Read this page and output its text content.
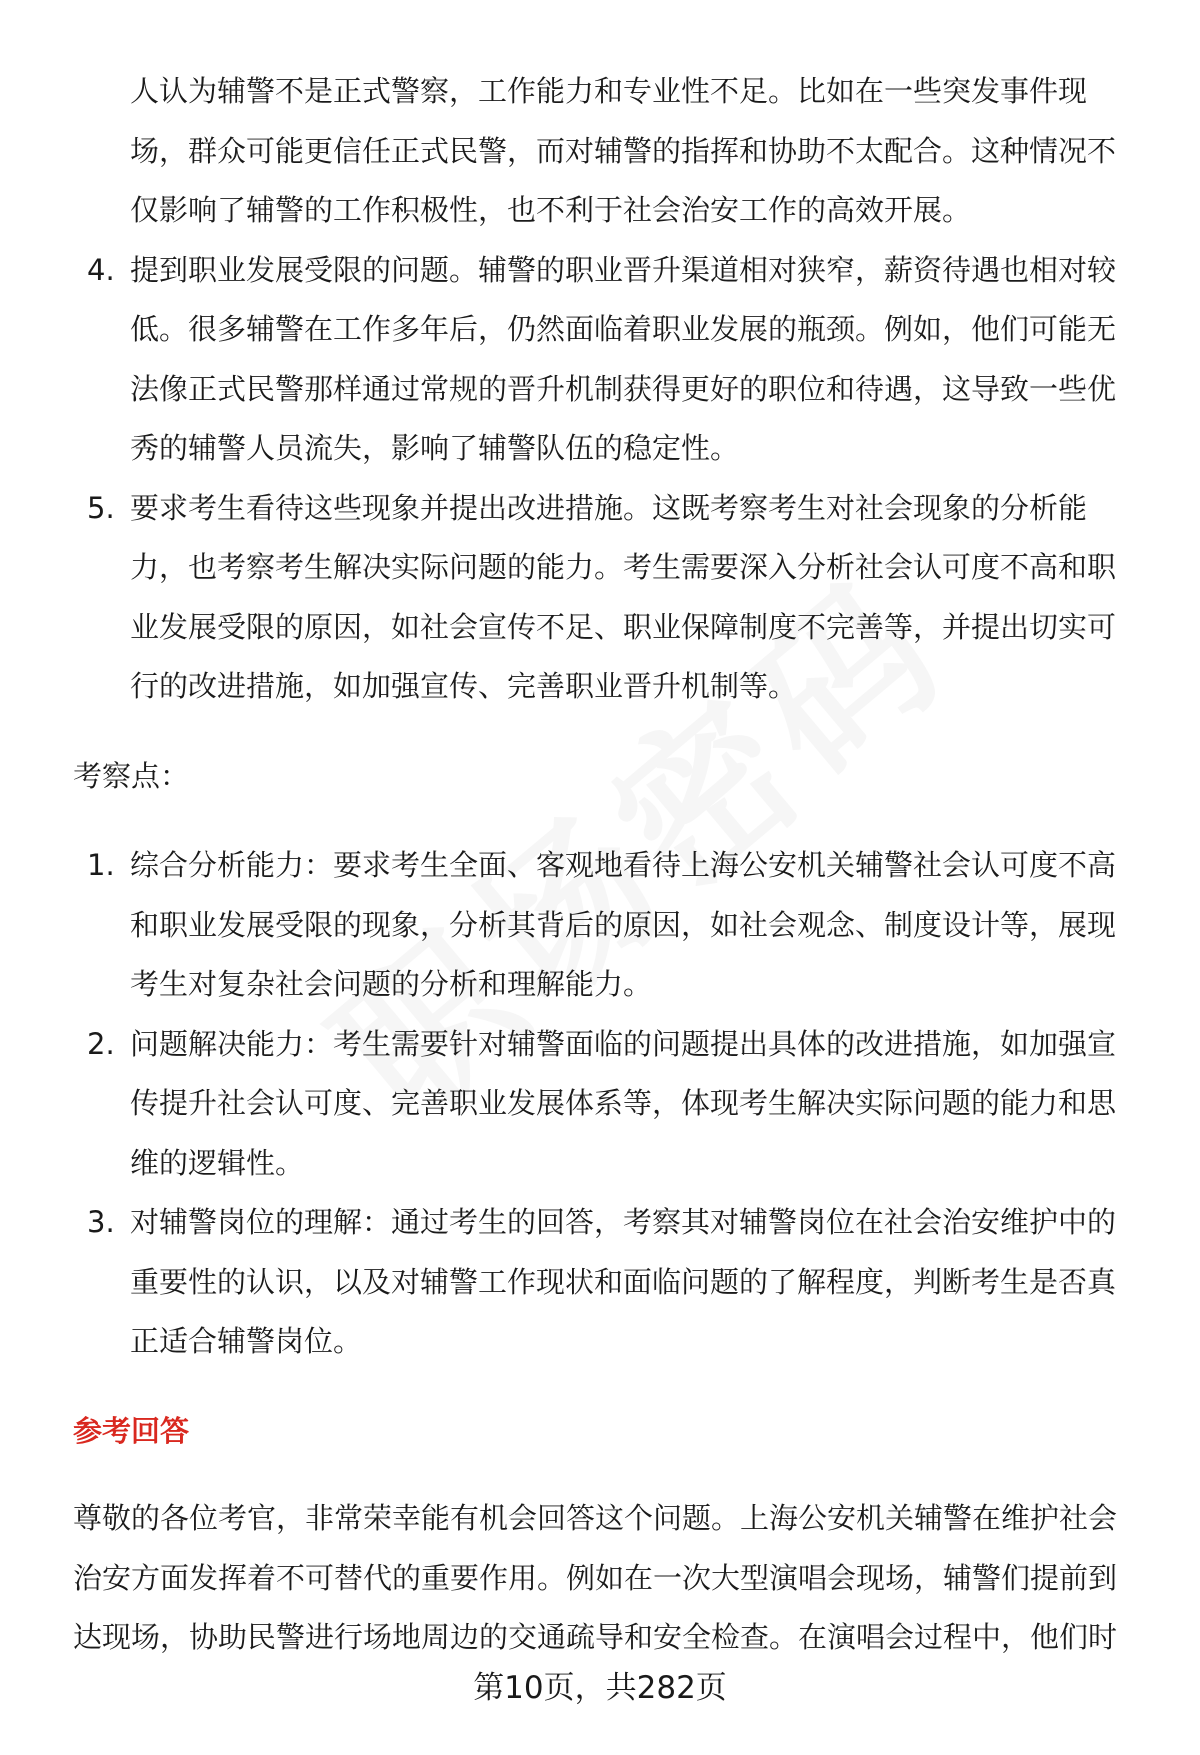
人认为辅警不是正式警察，工作能力和专业性不足。比如在一些突发事件现场，群众可能更信任正式民警，而对辅警的指挥和协助不太配合。这种情况不仅影响了辅警的工作积极性，也不利于社会治安工作的高效开展。

4. 提到职业发展受限的问题。辅警的职业晋升渠道相对狭窄，薪资待遇也相对较低。很多辅警在工作多年后，仍然面临着职业发展的瓶颈。例如，他们可能无法像正式民警那样通过常规的晋升机制获得更好的职位和待遇，这导致一些优秀的辅警人员流失，影响了辅警队伍的稳定性。
5. 要求考生看待这些现象并提出改进措施。这既考察考生对社会现象的分析能力，也考察考生解决实际问题的能力。考生需要深入分析社会认可度不高和职业发展受限的原因，如社会宣传不足、职业保障制度不完善等，并提出切实可行的改进措施，如加强宣传、完善职业晋升机制等。
考察点：
1. 综合分析能力：要求考生全面、客观地看待上海公安机关辅警社会认可度不高和职业发展受限的现象，分析其背后的原因，如社会观念、制度设计等，展现考生对复杂社会问题的分析和理解能力。
2. 问题解决能力：考生需要针对辅警面临的问题提出具体的改进措施，如加强宣传提升社会认可度、完善职业发展体系等，体现考生解决实际问题的能力和思维的逻辑性。
3. 对辅警岗位的理解：通过考生的回答，考察其对辅警岗位在社会治安维护中的重要性的认识，以及对辅警工作现状和面临问题的了解程度，判断考生是否真正适合辅警岗位。
参考回答

尊敬的各位考官，非常荣幸能有机会回答这个问题。上海公安机关辅警在维护社会治安方面发挥着不可替代的重要作用。例如在一次大型演唱会现场，辅警们提前到达现场，协助民警进行场地周边的交通疏导和安全检查。在演唱会过程中，他们时

第10页，共282页
